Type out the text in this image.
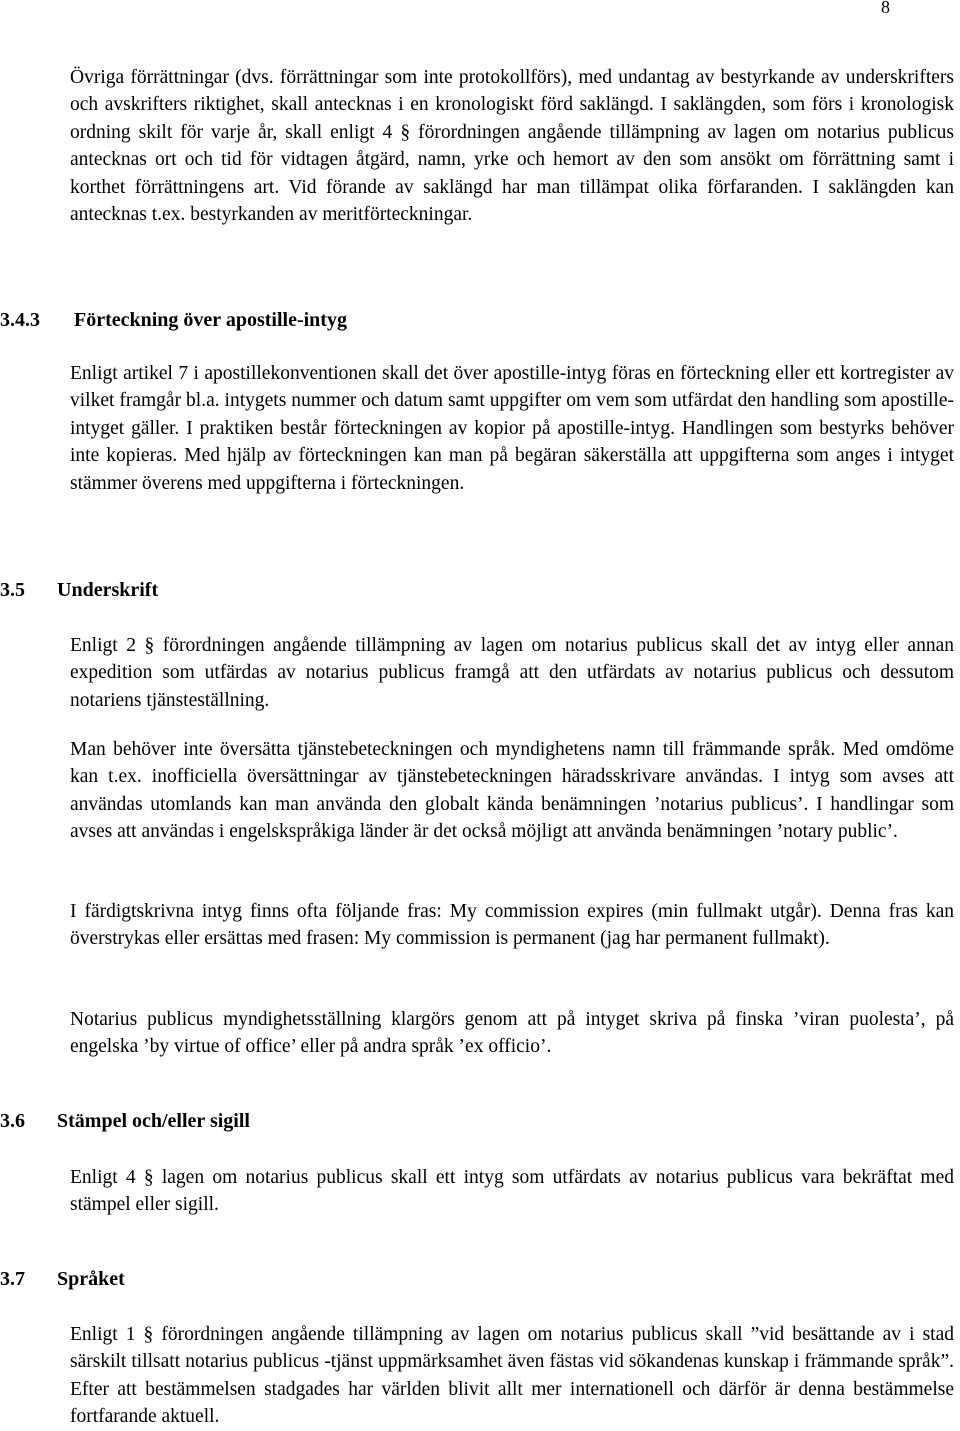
8

Övriga förrättningar (dvs. förrättningar som inte protokollförs), med undantag av bestyrkande av underskrifters och avskrifters riktighet, skall antecknas i en kronologiskt förd saklängd. I saklängden, som förs i kronologisk ordning skilt för varje år, skall enligt 4 § förordningen angående tillämpning av lagen om notarius publicus antecknas ort och tid för vidtagen åtgärd, namn, yrke och hemort av den som ansökt om förrättning samt i korthet förrättningens art. Vid förande av saklängd har man tillämpat olika förfaranden. I saklängden kan antecknas t.ex. bestyrkanden av meritförteckningar.

3.4.3 Förteckning över apostille-intyg

Enligt artikel 7 i apostillekonventionen skall det över apostille-intyg föras en förteckning eller ett kortregister av vilket framgår bl.a. intygets nummer och datum samt uppgifter om vem som utfärdat den handling som apostille-intyget gäller. I praktiken består förteckningen av kopior på apostille-intyg. Handlingen som bestyrks behöver inte kopieras. Med hjälp av förteckningen kan man på begäran säkerställa att uppgifterna som anges i intyget stämmer överens med uppgifterna i förteckningen.

3.5 Underskrift

Enligt 2 § förordningen angående tillämpning av lagen om notarius publicus skall det av intyg eller annan expedition som utfärdas av notarius publicus framgå att den utfärdats av notarius publicus och dessutom notariens tjänsteställning.

Man behöver inte översätta tjänstebeteckningen och myndighetens namn till främmande språk. Med omdöme kan t.ex. inofficiella översättningar av tjänstebeteckningen häradsskrivare användas. I intyg som avses att användas utomlands kan man använda den globalt kända benämningen ’notarius publicus’. I handlingar som avses att användas i engelskspråkiga länder är det också möjligt att använda benämningen ’notary public’.

I färdigtskrivna intyg finns ofta följande fras: My commission expires (min fullmakt utgår). Denna fras kan överstrykas eller ersättas med frasen: My commission is permanent (jag har permanent fullmakt).

Notarius publicus myndighetsställning klargörs genom att på intyget skriva på finska ’viran puolesta’, på engelska ’by virtue of office’ eller på andra språk ’ex officio’.

3.6 Stämpel och/eller sigill

Enligt 4 § lagen om notarius publicus skall ett intyg som utfärdats av notarius publicus vara bekräftat med stämpel eller sigill.

3.7 Språket

Enligt 1 § förordningen angående tillämpning av lagen om notarius publicus skall ”vid besättande av i stad särskilt tillsatt notarius publicus -tjänst uppmärksamhet även fästas vid sökandenas kunskap i främmande språk”. Efter att bestämmelsen stadgades har världen blivit allt mer internationell och därför är denna bestämmelse fortfarande aktuell.
